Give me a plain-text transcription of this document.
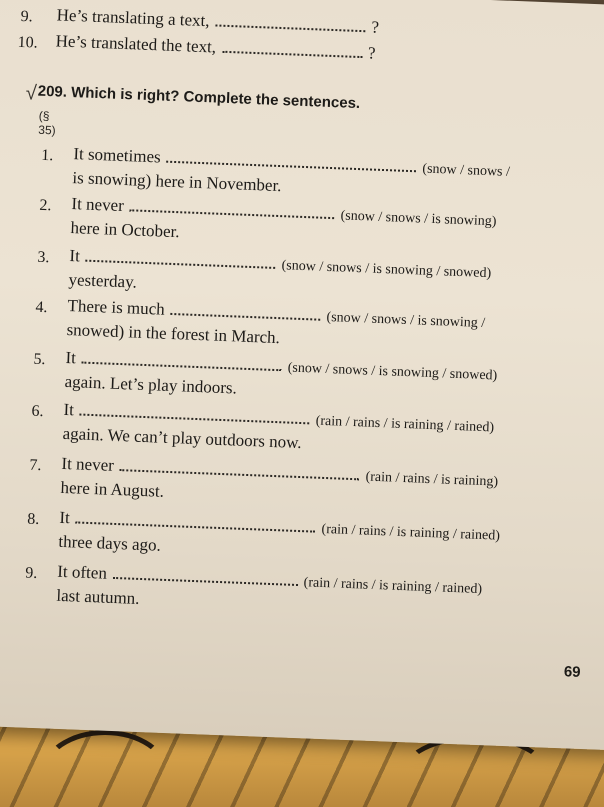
9. He’s translating a text,	?
10. He’s translated the text,	?
√ 209. Which is right? Complete the sentences.
(§ 35)
1. It sometimes(snow / snows /
is snowing) here in November.
2. It never(snow / snows / is snowing)
here in October.
3. It(snow / snows / is snowing / snowed)
yesterday.
4. There is much(snow / snows / is snowing /
snowed) in the forest in March.
5. It(snow / snows / is snowing / snowed)
again. Let’s play indoors.
6. It(rain / rains / is raining / rained)
again. We can’t play outdoors now.
7. It never(rain / rains / is raining)
here in August.
8. It(rain / rains / is raining / rained)
three days ago.
9. It often(rain / rains / is raining / rained)
last autumn.
69
